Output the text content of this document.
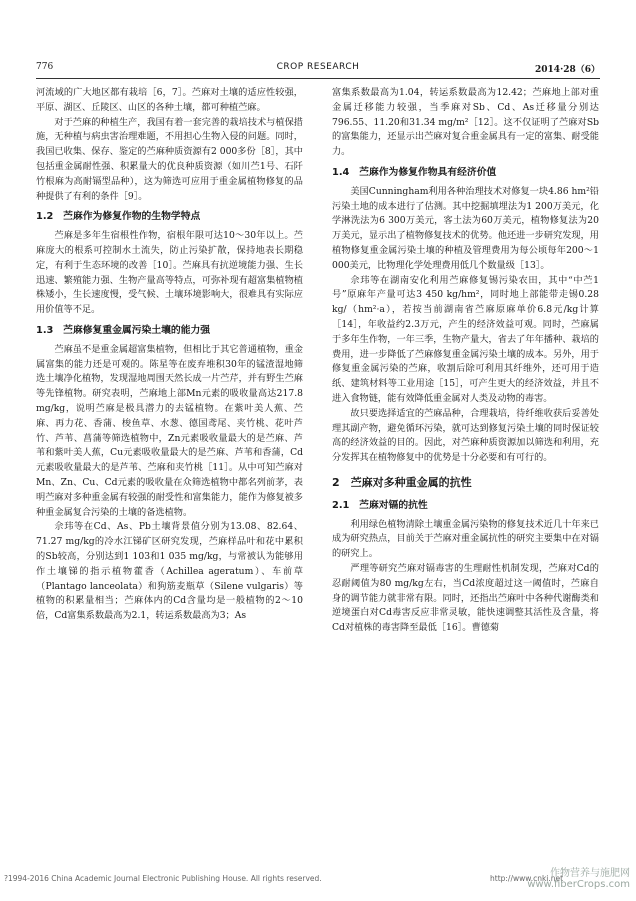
776	CROP RESEARCH	2014·28（6）

河流域的广大地区都有栽培［6，7］。苎麻对土壤的适应性较强，平原、湖区、丘陵区、山区的各种土壤，都可种植苎麻。

对于苎麻的种植生产，我国有着一套完善的栽培技术与植保措施，无种植与病虫害治理难题，不用担心生物入侵的问题。同时，我国已收集、保存、鉴定的苎麻种质资源有2 000多份［8］，其中包括重金属耐性强、积累量大的优良种质资源（如川苎1号、石阡竹根麻为高耐镉型品种），这为筛选可应用于重金属植物修复的品种提供了有利的条件［9］。

1.2　苎麻作为修复作物的生物学特点

苎麻是多年生宿根性作物，宿根年限可达10～30年以上。苎麻庞大的根系可控制水土流失，防止污染扩散，保持地表长期稳定，有利于生态环境的改善［10］。苎麻具有抗逆境能力强、生长迅速、繁殖能力强、生物产量高等特点，可弥补现有超富集植物植株矮小，生长速度慢，受气候、土壤环境影响大，很难具有实际应用价值等不足。

1.3　苎麻修复重金属污染土壤的能力强

苎麻虽不是重金属超富集植物，但相比于其它普通植物，重金属富集的能力还是可观的。陈星等在废弃堆积30年的锰渣湿地筛选土壤净化植物，发现湿地周围天然长成一片苎芹，并有野生苎麻等先锋植物。研究表明，苎麻地上部Mn元素的吸收量高达217.8 mg/kg，说明苎麻是极具潜力的去锰植物。在紫叶美人蕉、苎麻、再力花、香蒲、梭鱼草、水葱、德国鸢尾、夹竹桃、花叶芦竹、芦苇、菖蒲等筛选植物中，Zn元素吸收量最大的是苎麻、芦苇和紫叶美人蕉，Cu元素吸收量最大的是苎麻、芦苇和香蒲，Cd元素吸收量最大的是芦苇、苎麻和夹竹桃［11］。从中可知苎麻对Mn、Zn、Cu、Cd元素的吸收量在众筛选植物中都名列前茅，表明苎麻对多种重金属有较强的耐受性和富集能力，能作为修复被多种重金属复合污染的土壤的备选植物。

佘玮等在Cd、As、Pb土壤背景值分别为13.08、82.64、71.27 mg/kg的冷水江锑矿区研究发现，苎麻样品叶和花中累积的Sb较高，分别达到1 103和1 035 mg/kg，与常被认为能够用作土壤锑的指示植物藿香（Achillea ageratum）、车前草（Plantago lanceolata）和狗筋麦瓶草（Silene vulgaris）等植物的积累量相当；苎麻体内的Cd含量均是一般植物的2～10倍，Cd富集系数最高为2.1，转运系数最高为3；As

富集系数最高为1.04，转运系数最高为12.42；苎麻地上部对重金属迁移能力较强，当季麻对Sb、Cd、As迁移量分别达796.55、11.20和31.34 mg/m²［12］。这不仅证明了苎麻对Sb的富集能力，还显示出苎麻对复合重金属具有一定的富集、耐受能力。

1.4　苎麻作为修复作物具有经济价值

美国Cunningham利用各种治理技术对修复一块4.86 hm²铅污染土地的成本进行了估测。其中挖掘填埋法为1 200万美元，化学淋洗法为6 300万美元，客土法为60万美元，植物修复法为20万美元，显示出了植物修复技术的优势。他还进一步研究发现，用植物修复重金属污染土壤的种植及管理费用为每公顷每年200～1 000美元，比物理化学处理费用低几个数量级［13］。

佘玮等在湖南安化利用苎麻修复锡污染农田，其中“中苎1号”原麻年产量可达3 450 kg/hm²，同时地上部能带走锡0.28 kg/（hm²·a），若按当前湖南省苎麻原麻单价6.8元/kg计算［14］，年收益约2.3万元，产生的经济效益可观。同时，苎麻属于多年生作物，一年三季，生物产量大，省去了年年播种、栽培的费用，进一步降低了苎麻修复重金属污染土壤的成本。另外，用于修复重金属污染的苎麻，收割后除可利用其纤维外，还可用于造纸、建筑材料等工业用途［15］，可产生更大的经济效益，并且不进入食物链，能有效降低重金属对人类及动物的毒害。

故只要选择适宜的苎麻品种，合理栽培，待纤维收获后妥善处理其副产物，避免循环污染，就可达到修复污染土壤的同时保证较高的经济效益的目的。因此，对苎麻种质资源加以筛选和利用，充分发挥其在植物修复中的优势是十分必要和有可行的。

2　苎麻对多种重金属的抗性
2.1　苎麻对镉的抗性

利用绿色植物清除土壤重金属污染物的修复技术近几十年来已成为研究热点，目前关于苎麻对重金属抗性的研究主要集中在对镉的研究上。

严理等研究苎麻对镉毒害的生理耐性机制发现，苎麻对Cd的忍耐阈值为80 mg/kg左右，当Cd浓度超过这一阈值时，苎麻自身的调节能力就非常有限。同时，还指出苎麻叶中各种代谢酶类和逆境蛋白对Cd毒害反应非常灵敏，能快速调整其活性及含量，将Cd对植株的毒害降至最低［16］。曹德菊

?1994-2016 China Academic Journal Electronic Publishing House. All rights reserved.	http://www.cnki.net
作物营养与施肥网
www.fiberCrops.com
